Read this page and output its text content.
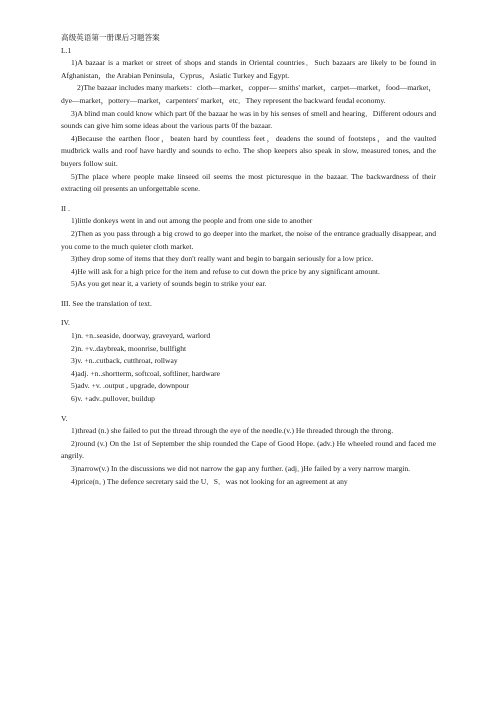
高级英语第一册课后习题答案

L.1

1)A bazaar is a market or street of shops and stands in Oriental countries．Such bazaars are likely to be found in Afghanistan，the Arabian Peninsula，Cyprus，Asiatic Turkey and Egypt.

2)The bazaar includes many markets：cloth—market，copper— smiths' market，carpet—market，food—market，dye—market，pottery—market，carpenters' market，etc．They represent the backward feudal economy.

3)A blind man could know which part 0f the bazaar he was in by his senses of smell and hearing．Different odours and sounds can give him some ideas about the various parts 0f the bazaar.

4)Because the earthen floor，beaten hard by countless feet，deadens the sound of footsteps，and the vaulted mudbrick walls and roof have hardly and sounds to echo. The shop keepers also speak in slow, measured tones, and the buyers follow suit.

5)The place where people make linseed oil seems the most picturesque in the bazaar. The backwardness of their extracting oil presents an unforgettable scene.

II .

1)little donkeys went in and out among the people and from one side to another

2)Then as you pass through a big crowd to go deeper into the market, the noise of the entrance gradually disappear, and you come to the much quieter cloth market.

3)they drop some of items that they don't really want and begin to bargain seriously for a low price.

4)He will ask for a high price for the item and refuse to cut down the price by any significant amount.

5)As you get near it, a variety of sounds begin to strike your ear.

III. See the translation of text.

IV.

1)n. +n..seaside, doorway, graveyard, warlord

2)n. +v..daybreak, moonrise, bullfight

3)v. +n..cutback, cutthroat, rollway

4)adj. +n..shortterm, softcoal, softliner, hardware

5)adv. +v. .output , upgrade, downpour

6)v. +adv..pullover, buildup

V.

1)thread (n.) she failed to put the thread through the eye of the needle.(v.) He threaded through the throng.

2)round (v.) On the 1st of September the ship rounded the Cape of Good Hope. (adv.) He wheeled round and faced me angrily.

3)narrow(v.) In the discussions we did not narrow the gap any further. (adj．)He failed by a very narrow margin.

4)price(n．) The defence secretary said the U．S．was not looking for an agreement at any
